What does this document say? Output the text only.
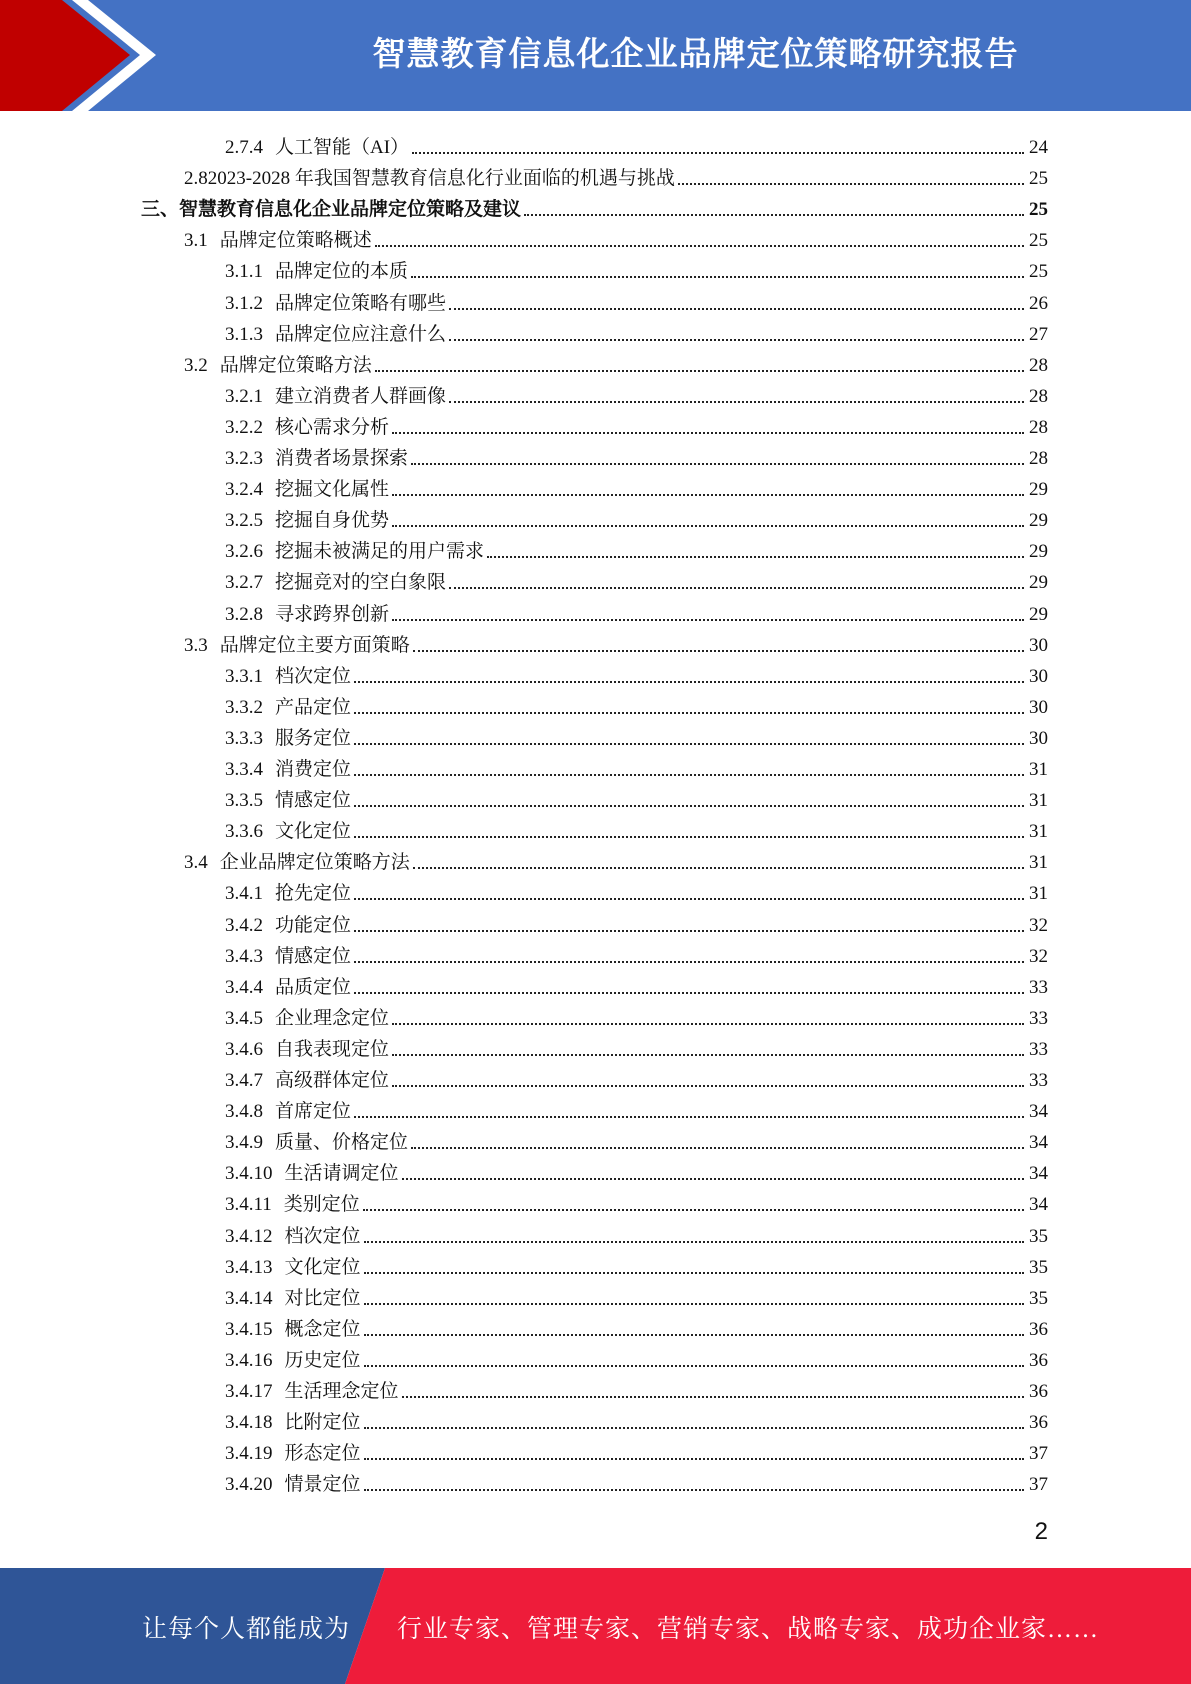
智慧教育信息化企业品牌定位策略研究报告
2.7.4 人工智能（AI）	24
2.8 2023-2028 年我国智慧教育信息化行业面临的机遇与挑战	25
三、智慧教育信息化企业品牌定位策略及建议	25
3.1 品牌定位策略概述	25
3.1.1 品牌定位的本质	25
3.1.2 品牌定位策略有哪些	26
3.1.3 品牌定位应注意什么	27
3.2 品牌定位策略方法	28
3.2.1 建立消费者人群画像	28
3.2.2 核心需求分析	28
3.2.3 消费者场景探索	28
3.2.4 挖掘文化属性	29
3.2.5 挖掘自身优势	29
3.2.6 挖掘未被满足的用户需求	29
3.2.7 挖掘竞对的空白象限	29
3.2.8 寻求跨界创新	29
3.3 品牌定位主要方面策略	30
3.3.1 档次定位	30
3.3.2 产品定位	30
3.3.3 服务定位	30
3.3.4 消费定位	31
3.3.5 情感定位	31
3.3.6 文化定位	31
3.4 企业品牌定位策略方法	31
3.4.1 抢先定位	31
3.4.2 功能定位	32
3.4.3 情感定位	32
3.4.4 品质定位	33
3.4.5 企业理念定位	33
3.4.6 自我表现定位	33
3.4.7 高级群体定位	33
3.4.8 首席定位	34
3.4.9 质量、价格定位	34
3.4.10 生活请调定位	34
3.4.11 类别定位	34
3.4.12 档次定位	35
3.4.13 文化定位	35
3.4.14 对比定位	35
3.4.15 概念定位	36
3.4.16 历史定位	36
3.4.17 生活理念定位	36
3.4.18 比附定位	36
3.4.19 形态定位	37
3.4.20 情景定位	37
2
让每个人都能成为 行业专家、管理专家、营销专家、战略专家、成功企业家……
